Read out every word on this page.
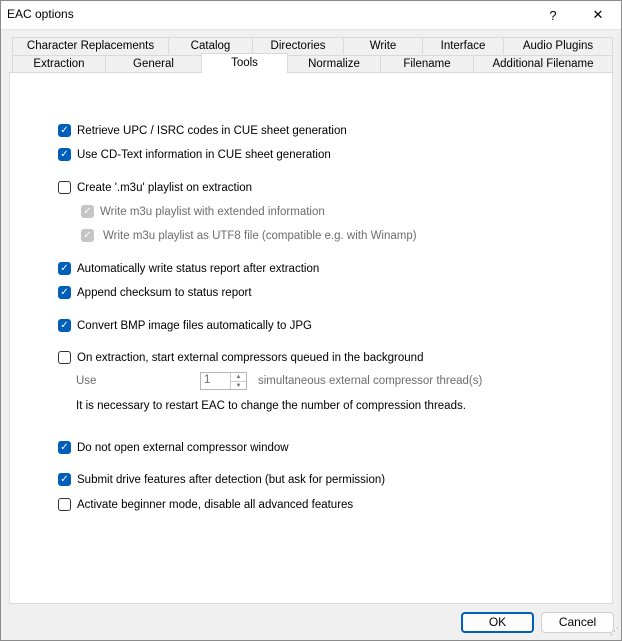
EAC options	?	✕
Character Replacements	Catalog	Directories	Write	Interface	Audio Plugins
Extraction	General	Tools	Normalize	Filename	Additional Filename
✓ Retrieve UPC / ISRC codes in CUE sheet generation
✓ Use CD-Text information in CUE sheet generation
Create '.m3u' playlist on extraction
✓ Write m3u playlist with extended information
✓ Write m3u playlist as UTF8 file (compatible e.g. with Winamp)
✓ Automatically write status report after extraction
✓ Append checksum to status report
✓ Convert BMP image files automatically to JPG
On extraction, start external compressors queued in the background
Use	1	▲
▼	simultaneous external compressor thread(s)
It is necessary to restart EAC to change the number of compression threads.
✓ Do not open external compressor window
✓ Submit drive features after detection (but ask for permission)
Activate beginner mode, disable all advanced features
OK	Cancel
⋰
